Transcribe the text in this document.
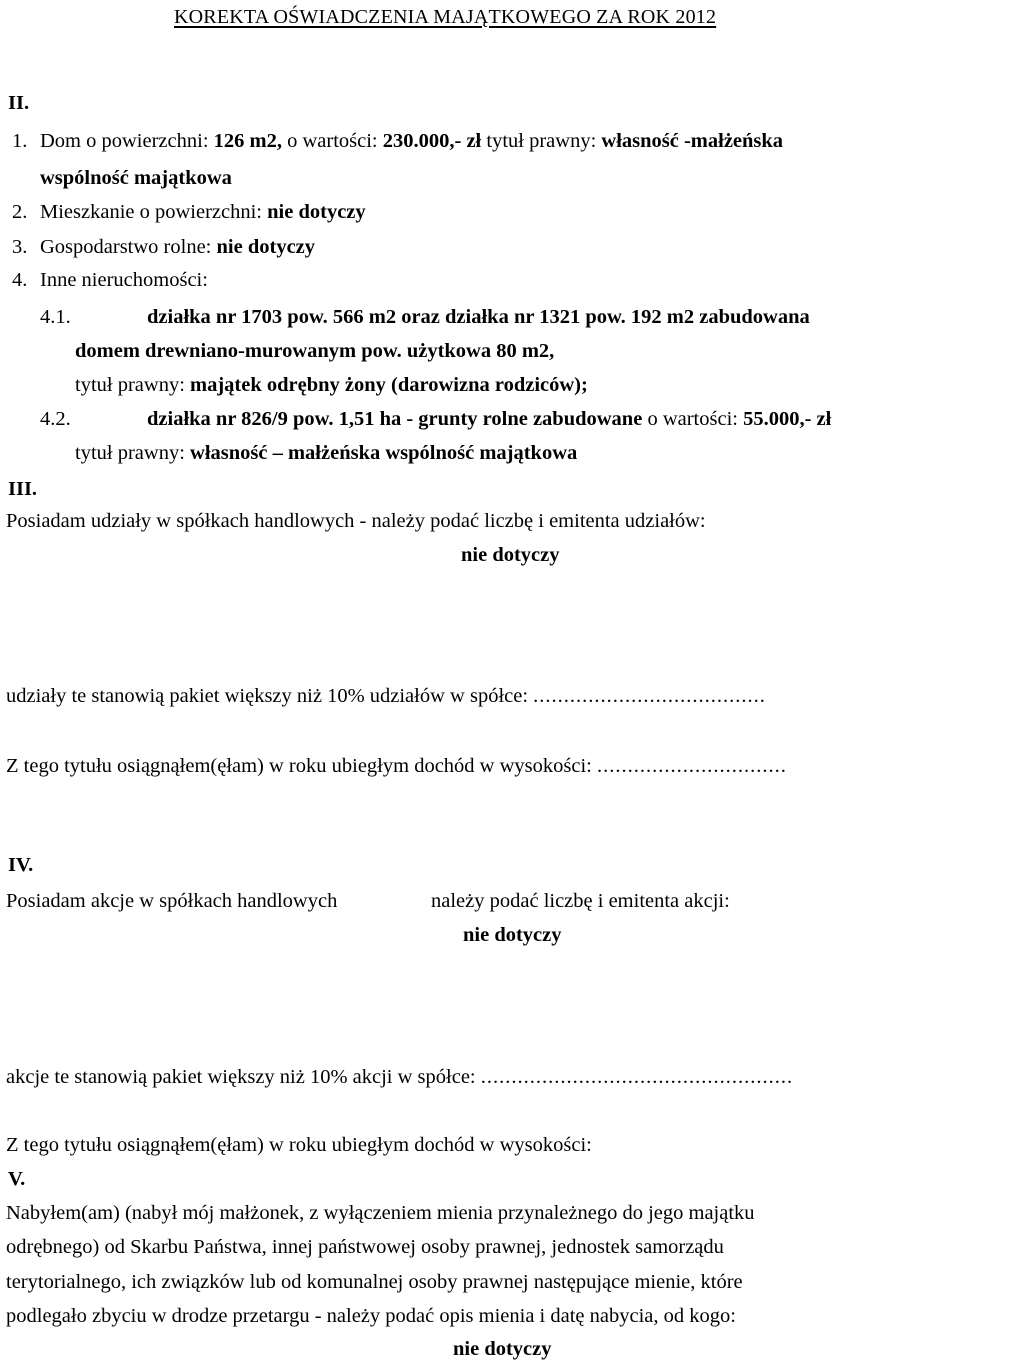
KOREKTA OŚWIADCZENIA MAJĄTKOWEGO ZA ROK 2012
II.
1. Dom o powierzchni: 126 m2, o wartości: 230.000,- zł tytuł prawny: własność -małżeńska
wspólność majątkowa
2. Mieszkanie o powierzchni: nie dotyczy
3. Gospodarstwo rolne: nie dotyczy
4. Inne nieruchomości:
4.1.	działka nr 1703 pow. 566 m2 oraz działka nr 1321 pow. 192 m2 zabudowana
domem drewniano-murowanym pow. użytkowa 80 m2,
tytuł prawny: majątek odrębny żony (darowizna rodziców);
4.2.	działka nr 826/9 pow. 1,51 ha - grunty rolne zabudowane o wartości: 55.000,- zł
tytuł prawny: własność – małżeńska wspólność majątkowa
III.
Posiadam udziały w spółkach handlowych - należy podać liczbę i emitenta udziałów:
nie dotyczy
udziały te stanowią pakiet większy niż 10% udziałów w spółce: ......................................
Z tego tytułu osiągnąłem(ęłam) w roku ubiegłym dochód w wysokości: ...............................
IV.
Posiadam akcje w spółkach handlowych	należy podać liczbę i emitenta akcji:
nie dotyczy
akcje te stanowią pakiet większy niż 10% akcji w spółce: ...................................................
Z tego tytułu osiągnąłem(ęłam) w roku ubiegłym dochód w wysokości:
V.
Nabyłem(am) (nabył mój małżonek, z wyłączeniem mienia przynależnego do jego majątku
odrębnego) od Skarbu Państwa, innej państwowej osoby prawnej, jednostek samorządu
terytorialnego, ich związków lub od komunalnej osoby prawnej następujące mienie, które
podlegało zbyciu w drodze przetargu - należy podać opis mienia i datę nabycia, od kogo:
nie dotyczy
